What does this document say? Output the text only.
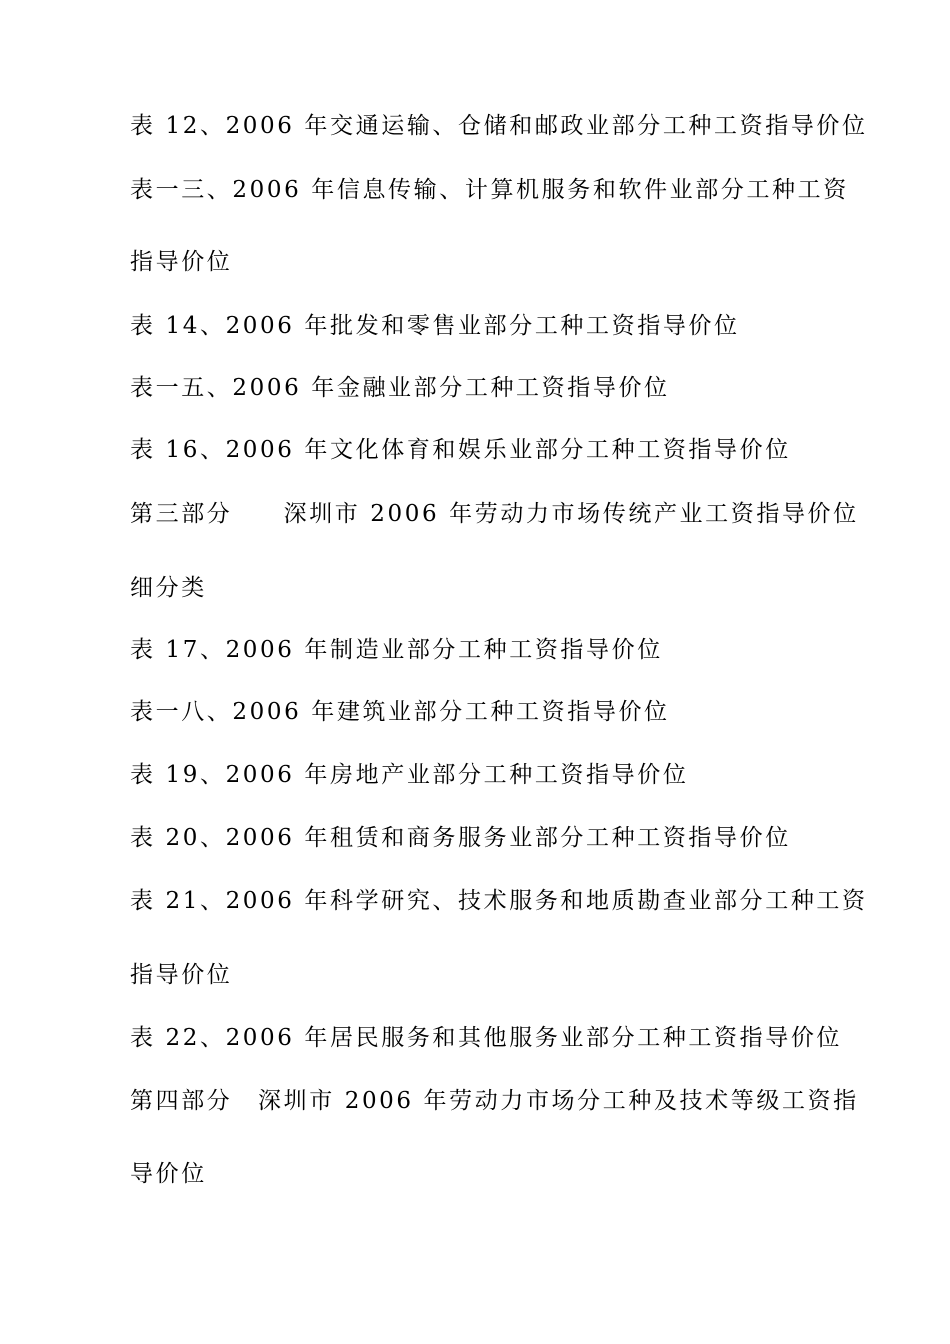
表 12、2006 年交通运输、仓储和邮政业部分工种工资指导价位
表一三、2006 年信息传输、计算机服务和软件业部分工种工资
指导价位
表 14、2006 年批发和零售业部分工种工资指导价位
表一五、2006 年金融业部分工种工资指导价位
表 16、2006 年文化体育和娱乐业部分工种工资指导价位
第三部分　　深圳市 2006 年劳动力市场传统产业工资指导价位
细分类
表 17、2006 年制造业部分工种工资指导价位
表一八、2006 年建筑业部分工种工资指导价位
表 19、2006 年房地产业部分工种工资指导价位
表 20、2006 年租赁和商务服务业部分工种工资指导价位
表 21、2006 年科学研究、技术服务和地质勘查业部分工种工资
指导价位
表 22、2006 年居民服务和其他服务业部分工种工资指导价位
第四部分　深圳市 2006 年劳动力市场分工种及技术等级工资指
导价位
